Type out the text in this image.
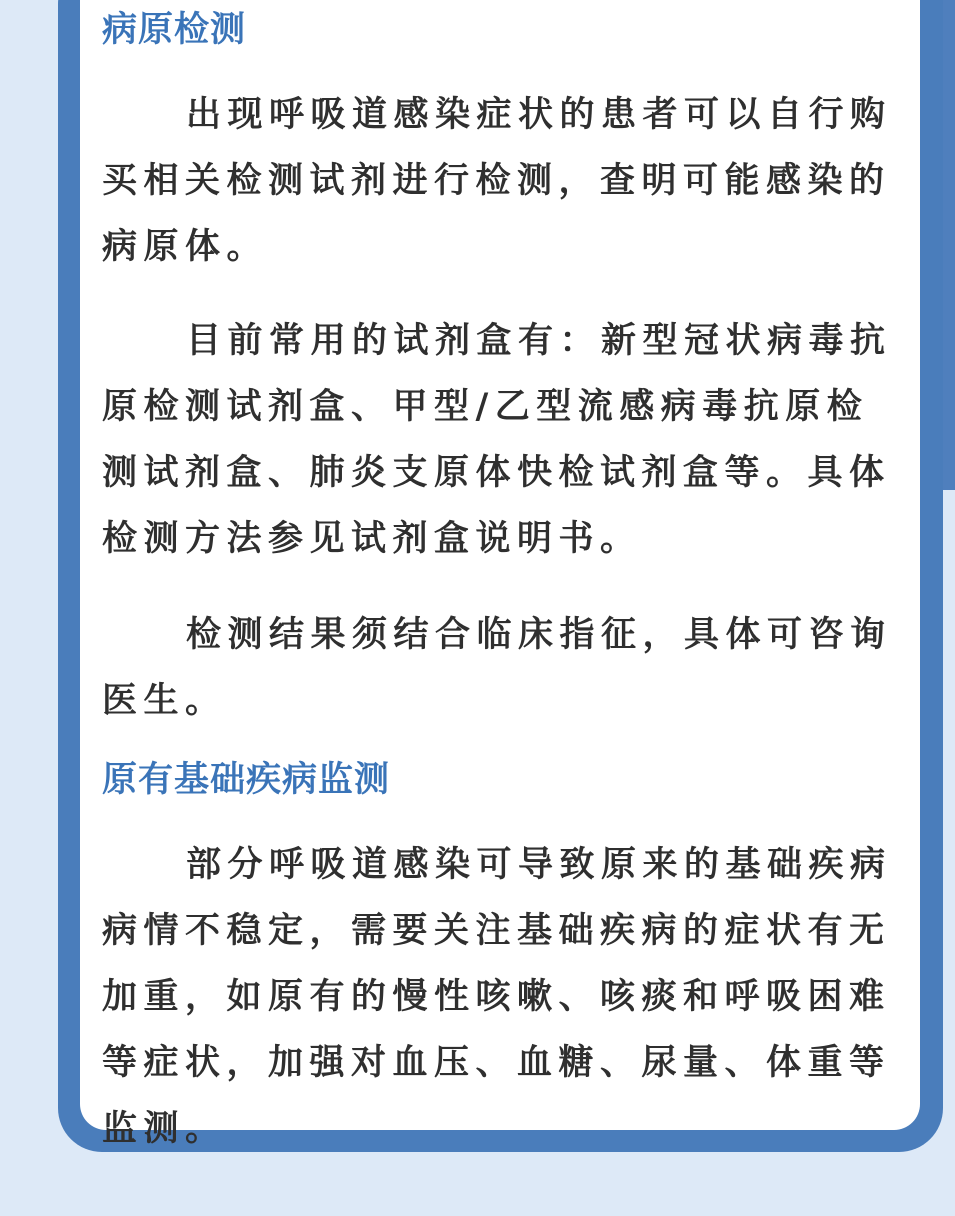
病原检测

出现呼吸道感染症状的患者可以自行购买相关检测试剂进行检测，查明可能感染的病原体。

目前常用的试剂盒有：新型冠状病毒抗原检测试剂盒、甲型/乙型流感病毒抗原检测试剂盒、肺炎支原体快检试剂盒等。具体检测方法参见试剂盒说明书。

检测结果须结合临床指征，具体可咨询医生。

原有基础疾病监测

部分呼吸道感染可导致原来的基础疾病病情不稳定，需要关注基础疾病的症状有无加重，如原有的慢性咳嗽、咳痰和呼吸困难等症状，加强对血压、血糖、尿量、体重等监测。
